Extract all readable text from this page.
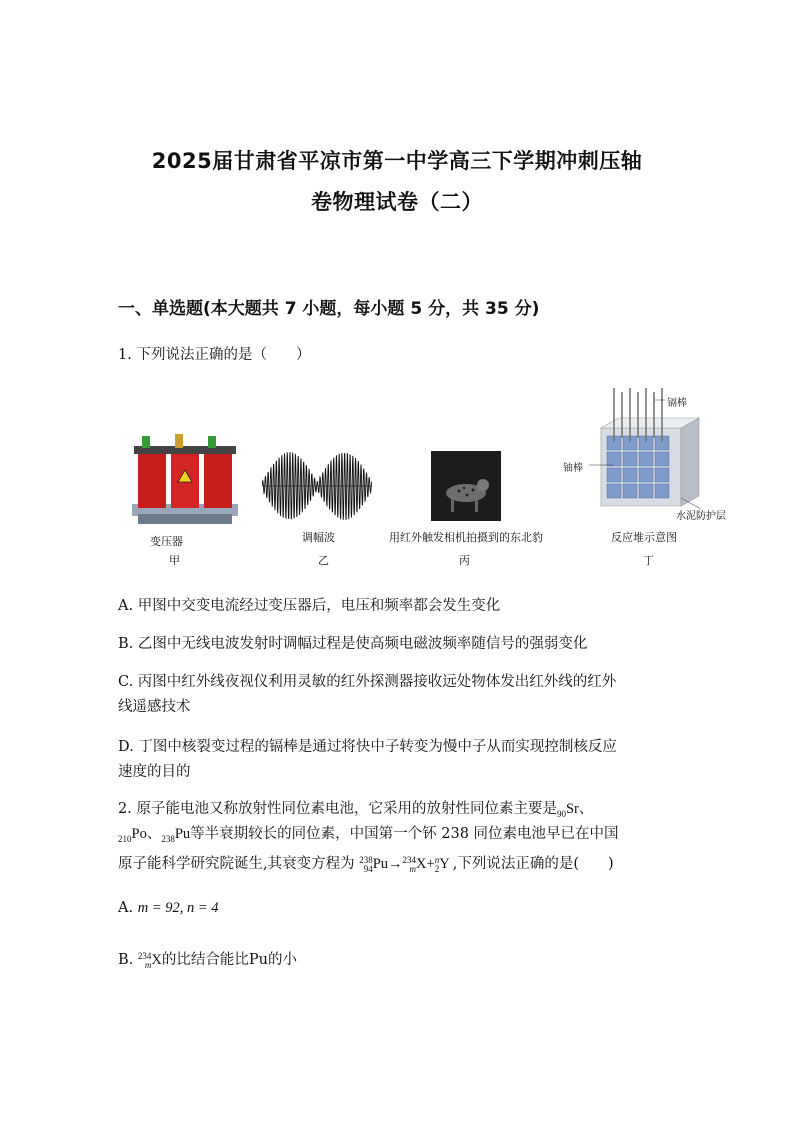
2025届甘肃省平凉市第一中学高三下学期冲刺压轴
卷物理试卷（二）
一、单选题(本大题共 7 小题，每小题 5 分，共 35 分)
1. 下列说法正确的是（　　）
变压器
甲
调幅波
乙
用红外触发相机拍摄到的东北豹
丙
镉棒
铀棒
水泥防护层
反应堆示意图
丁
A. 甲图中交变电流经过变压器后，电压和频率都会发生变化
B. 乙图中无线电波发射时调幅过程是使高频电磁波频率随信号的强弱变化
C. 丙图中红外线夜视仪利用灵敏的红外探测器接收远处物体发出红外线的红外
线遥感技术
D. 丁图中核裂变过程的镉棒是通过将快中子转变为慢中子从而实现控制核反应
速度的目的
2. 原子能电池又称放射性同位素电池，它采用的放射性同位素主要是$_{90}$Sr、
$_{210}$Po、$_{238}$Pu等半衰期较长的同位素，中国第一个钚 238 同位素电池早已在中国
原子能科学研究院诞生,其衰变方程为 238
94Pu→234
mX+n
2Y ,下列说法正确的是(　　)
A. m = 92, n = 4
B. 234
mX的比结合能比Pu的小
